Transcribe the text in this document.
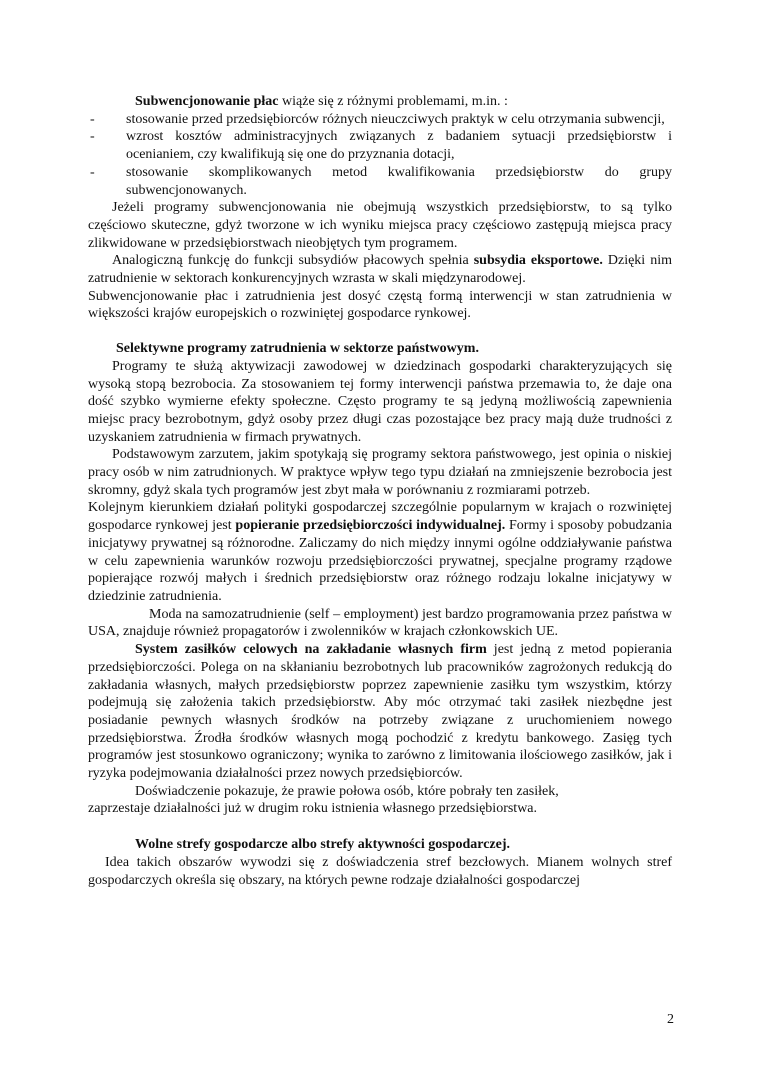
Subwencjonowanie płac wiąże się z różnymi problemami, m.in. :

- stosowanie przed przedsiębiorców różnych nieuczciwych praktyk w celu otrzymania subwencji,
- wzrost kosztów administracyjnych związanych z badaniem sytuacji przedsiębiorstw i ocenianiem, czy kwalifikują się one do przyznania dotacji,
- stosowanie skomplikowanych metod kwalifikowania przedsiębiorstw do grupy subwencjonowanych.

Jeżeli programy subwencjonowania nie obejmują wszystkich przedsiębiorstw, to są tylko częściowo skuteczne, gdyż tworzone w ich wyniku miejsca pracy częściowo zastępują miejsca pracy zlikwidowane w przedsiębiorstwach nieobjętych tym programem.

Analogiczną funkcję do funkcji subsydiów płacowych spełnia subsydia eksportowe. Dzięki nim zatrudnienie w sektorach konkurencyjnych wzrasta w skali międzynarodowej.

Subwencjonowanie płac i zatrudnienia jest dosyć częstą formą interwencji w stan zatrudnienia w większości krajów europejskich o rozwiniętej gospodarce rynkowej.

Selektywne programy zatrudnienia w sektorze państwowym.

Programy te służą aktywizacji zawodowej w dziedzinach gospodarki charakteryzujących się wysoką stopą bezrobocia. Za stosowaniem tej formy interwencji państwa przemawia to, że daje ona dość szybko wymierne efekty społeczne. Często programy te są jedyną możliwością zapewnienia miejsc pracy bezrobotnym, gdyż osoby przez długi czas pozostające bez pracy mają duże trudności z uzyskaniem zatrudnienia w firmach prywatnych.

Podstawowym zarzutem, jakim spotykają się programy sektora państwowego, jest opinia o niskiej pracy osób w nim zatrudnionych. W praktyce wpływ tego typu działań na zmniejszenie bezrobocia jest skromny, gdyż skala tych programów jest zbyt mała w porównaniu z rozmiarami potrzeb.

Kolejnym kierunkiem działań polityki gospodarczej szczególnie popularnym w krajach o rozwiniętej gospodarce rynkowej jest popieranie przedsiębiorczości indywidualnej. Formy i sposoby pobudzania inicjatywy prywatnej są różnorodne. Zaliczamy do nich między innymi ogólne oddziaływanie państwa w celu zapewnienia warunków rozwoju przedsiębiorczości prywatnej, specjalne programy rządowe popierające rozwój małych i średnich przedsiębiorstw oraz różnego rodzaju lokalne inicjatywy w dziedzinie zatrudnienia.

Moda na samozatrudnienie (self – employment) jest bardzo programowania przez państwa w USA, znajduje również propagatorów i zwolenników w krajach członkowskich UE.

System zasiłków celowych na zakładanie własnych firm jest jedną z metod popierania przedsiębiorczości. Polega on na skłanianiu bezrobotnych lub pracowników zagrożonych redukcją do zakładania własnych, małych przedsiębiorstw poprzez zapewnienie zasiłku tym wszystkim, którzy podejmują się założenia takich przedsiębiorstw. Aby móc otrzymać taki zasiłek niezbędne jest posiadanie pewnych własnych środków na potrzeby związane z uruchomieniem nowego przedsiębiorstwa. Źrodła środków własnych mogą pochodzić z kredytu bankowego. Zasięg tych programów jest stosunkowo ograniczony; wynika to zarówno z limitowania ilościowego zasiłków, jak i ryzyka podejmowania działalności przez nowych przedsiębiorców.

Doświadczenie pokazuje, że prawie połowa osób, które pobrały ten zasiłek,

zaprzestaje działalności już w drugim roku istnienia własnego przedsiębiorstwa.

Wolne strefy gospodarcze albo strefy aktywności gospodarczej.

Idea takich obszarów wywodzi się z doświadczenia stref bezcłowych. Mianem wolnych stref gospodarczych określa się obszary, na których pewne rodzaje działalności gospodarczej

2
